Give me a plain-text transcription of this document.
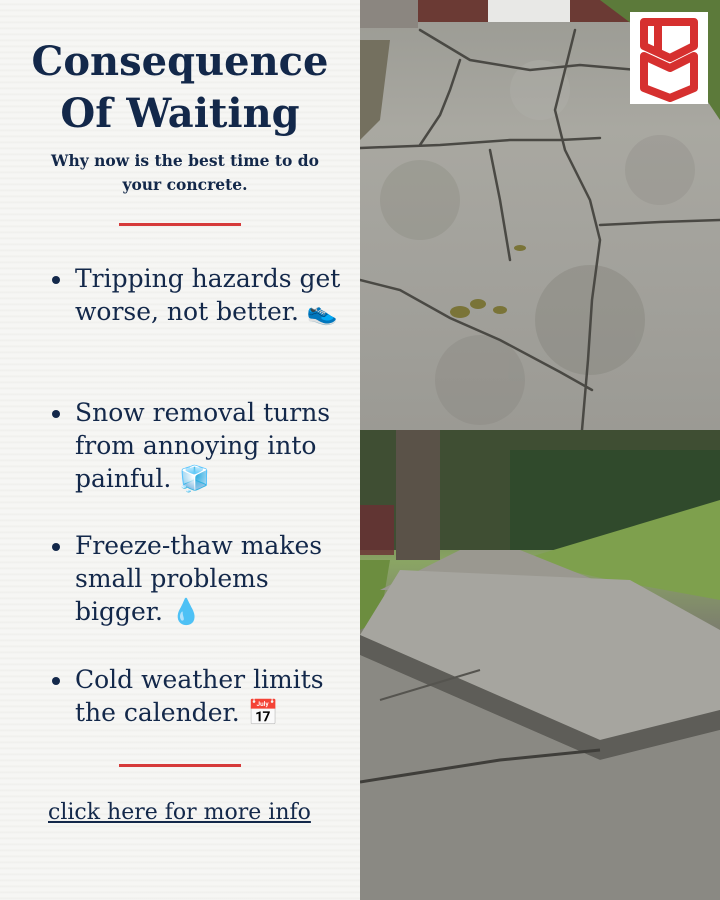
Consequence
Of Waiting
Why now is the best time to do your concrete.
Tripping hazards get worse, not better. 👟
Snow removal turns from annoying into painful. 🧊
Freeze-thaw makes small problems bigger. 💧
Cold weather limits the calender. 📅
click here for more info
